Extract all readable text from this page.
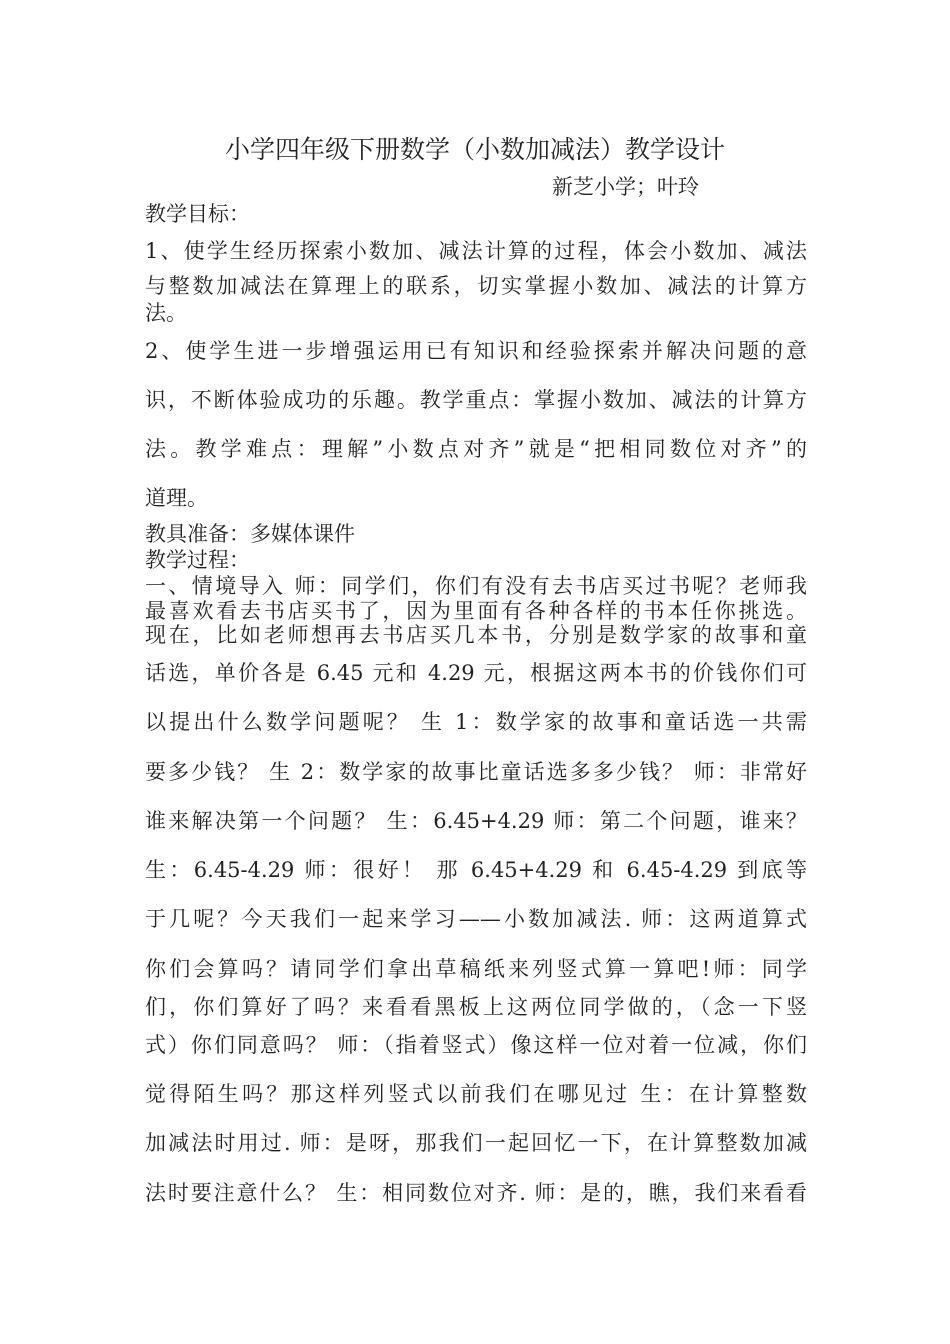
小学四年级下册数学（小数加减法）教学设计
新芝小学；叶玲
教学目标：
1、使学生经历探索小数加、减法计算的过程，体会小数加、减法
与整数加减法在算理上的联系，切实掌握小数加、减法的计算方
法。
2、使学生进一步增强运用已有知识和经验探索并解决问题的意
识，不断体验成功的乐趣。教学重点：掌握小数加、减法的计算方
法。教学难点：理解”小数点对齐”就是“把相同数位对齐”的
道理。
教具准备：多媒体课件
教学过程：
一、情境导入 师：同学们，你们有没有去书店买过书呢？老师我
最喜欢看去书店买书了，因为里面有各种各样的书本任你挑选。
现在，比如老师想再去书店买几本书，分别是数学家的故事和童
话选，单价各是 6.45 元和 4.29 元，根据这两本书的价钱你们可
以提出什么数学问题呢？ 生 1：数学家的故事和童话选一共需
要多少钱？ 生 2：数学家的故事比童话选多多少钱？ 师：非常好
谁来解决第一个问题？ 生：6.45+4.29 师：第二个问题，谁来？
生：6.45-4.29 师：很好！ 那 6.45+4.29 和 6.45-4.29 到底等
于几呢？今天我们一起来学习——小数加减法. 师：这两道算式
你们会算吗？请同学们拿出草稿纸来列竖式算一算吧!师：同学
们，你们算好了吗？来看看黑板上这两位同学做的，（念一下竖
式）你们同意吗？ 师：（指着竖式）像这样一位对着一位减，你们
觉得陌生吗？那这样列竖式以前我们在哪见过 生：在计算整数
加减法时用过. 师：是呀，那我们一起回忆一下，在计算整数加减
法时要注意什么？ 生：相同数位对齐. 师：是的，瞧，我们来看看
